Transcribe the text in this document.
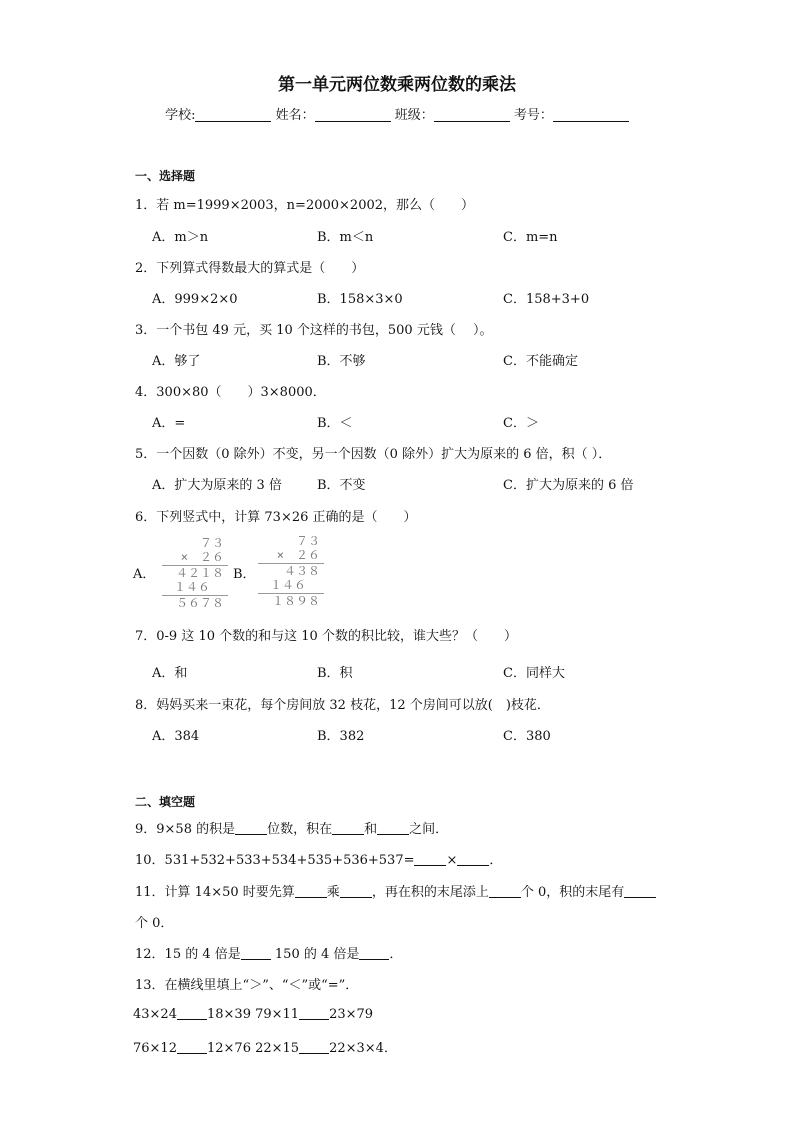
第一单元两位数乘两位数的乘法
学校:	姓名：	班级：	考号：
一、选择题
1．若 m=1999×2003，n=2000×2002，那么（　　）
A．m＞n	B．m＜n	C．m=n
2．下列算式得数最大的算式是（　　）
A．999×2×0	B．158×3×0	C．158+3+0
3．一个书包 49 元，买 10 个这样的书包，500 元钱（　 ）。
A．够了	B．不够	C．不能确定
4．300×80（　　）3×8000．
A．=	B．＜	C．＞
5．一个因数（0 除外）不变，另一个因数（0 除外）扩大为原来的 6 倍，积（ ）．
A．扩大为原来的 3 倍	B．不变	C．扩大为原来的 6 倍
6．下列竖式中，计算 73×26 正确的是（　　）
A．
７３
×　２６
４２１８
１４６
５６７８
B．
７３
×　２６
４３８
１４６
１８９８
7．0-9 这 10 个数的和与这 10 个数的积比较，谁大些？（　　）
A．和	B．积	C．同样大
8．妈妈买来一束花，每个房间放 32 枝花，12 个房间可以放(　)枝花．
A．384	B．382	C．380
二、填空题
9．9×58 的积是 位数，积在 和 之间．
10．531+532+533+534+535+536+537= × ．
11．计算 14×50 时要先算 乘 ，再在积的末尾添上 个 0，积的末尾有
个 0．
12．15 的 4 倍是 150 的 4 倍是 ．
13．在横线里填上“＞”、“＜”或“=”．
43×24 18×39 79×11 23×79
76×12 12×76 22×15 22×3×4．
